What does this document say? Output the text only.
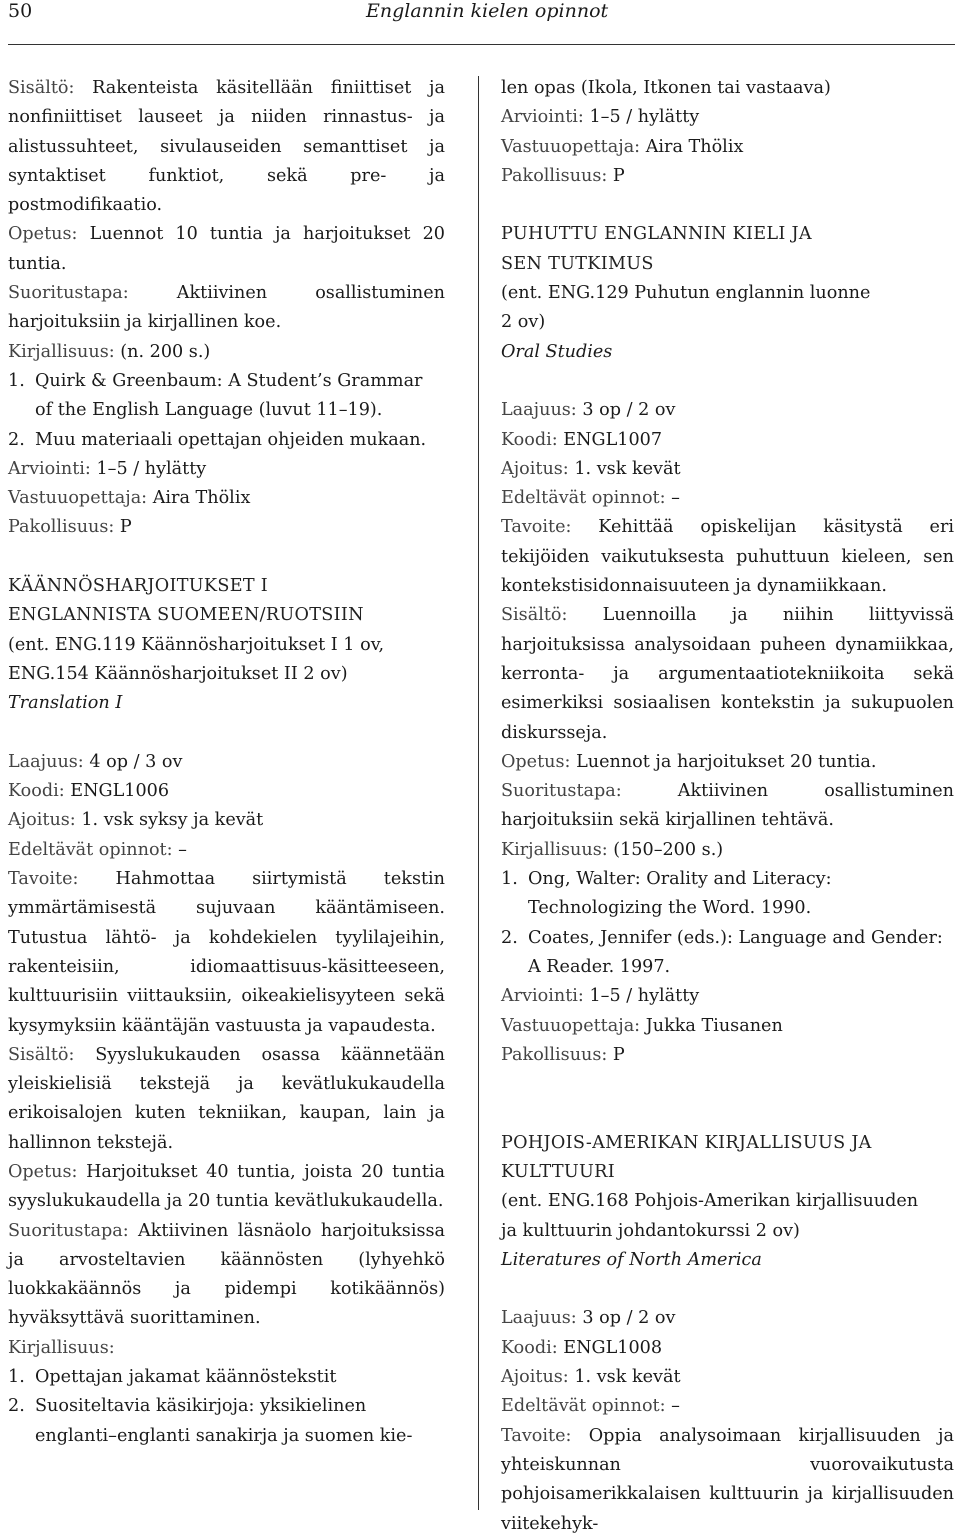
50	Englannin kielen opinnot

Sisältö: Rakenteista käsitellään finiittiset ja nonfiniittiset lauseet ja niiden rinnastus- ja alistussuhteet, sivulauseiden semanttiset ja syntaktiset funktiot, sekä pre- ja postmodifikaatio.

Opetus: Luennot 10 tuntia ja harjoitukset 20 tuntia.

Suoritustapa:	Aktiivinen osallistuminen harjoituksiin ja kirjallinen koe.

Kirjallisuus: (n. 200 s.)

1. Quirk & Greenbaum: A Student’s Grammar of the English Language (luvut 11–19).

2. Muu materiaali opettajan ohjeiden mukaan.

Arviointi: 1–5 / hylätty

Vastuuopettaja: Aira Thölix

Pakollisuus: P

KÄÄNNÖSHARJOITUKSET I

ENGLANNISTA SUOMEEN/RUOTSIIN

(ent. ENG.119 Käännösharjoitukset I 1 ov,

ENG.154 Käännösharjoitukset II 2 ov)

Translation I

Laajuus: 4 op / 3 ov

Koodi: ENGL1006

Ajoitus: 1. vsk syksy ja kevät

Edeltävät opinnot: –

Tavoite: Hahmottaa siirtymistä tekstin ymmärtämisestä sujuvaan kääntämiseen. Tutustua lähtö- ja kohdekielen tyylilajeihin, rakenteisiin, idiomaattisuus-käsitteeseen, kulttuurisiin viittauksiin, oikeakielisyyteen sekä kysymyksiin kääntäjän vastuusta ja vapaudesta.

Sisältö: Syyslukukauden osassa käännetään yleiskielisiä tekstejä ja kevätlukukaudella erikoisalojen kuten tekniikan, kaupan, lain ja hallinnon tekstejä.

Opetus: Harjoitukset 40 tuntia, joista 20 tuntia syyslukukaudella ja 20 tuntia kevätlukukaudella.

Suoritustapa: Aktiivinen läsnäolo harjoituksissa ja arvosteltavien käännösten (lyhyehkö luokkakäännös ja pidempi kotikäännös) hyväksyttävä suorittaminen.

Kirjallisuus:

1. Opettajan jakamat käännöstekstit

2. Suositeltavia käsikirjoja: yksikielinen englanti–englanti sanakirja ja suomen kie-

len opas (Ikola, Itkonen tai vastaava)

Arviointi: 1–5 / hylätty

Vastuuopettaja: Aira Thölix

Pakollisuus: P

PUHUTTU ENGLANNIN KIELI JA

SEN TUTKIMUS

(ent. ENG.129 Puhutun englannin luonne

2 ov)

Oral Studies

Laajuus: 3 op / 2 ov

Koodi: ENGL1007

Ajoitus: 1. vsk kevät

Edeltävät opinnot: –

Tavoite: Kehittää opiskelijan käsitystä eri tekijöiden vaikutuksesta puhuttuun kieleen, sen kontekstisidonnaisuuteen ja dynamiikkaan.

Sisältö: Luennoilla ja niihin liittyvissä harjoituksissa analysoidaan puheen dynamiikkaa, kerronta- ja argumentaatiotekniikoita sekä esimerkiksi sosiaalisen kontekstin ja sukupuolen diskursseja.

Opetus: Luennot ja harjoitukset 20 tuntia.

Suoritustapa:	Aktiivinen osallistuminen harjoituksiin sekä kirjallinen tehtävä.

Kirjallisuus: (150–200 s.)

1. Ong, Walter: Orality and Literacy: Technologizing the Word. 1990.

2. Coates, Jennifer (eds.): Language and Gender: A Reader. 1997.

Arviointi: 1–5 / hylätty

Vastuuopettaja: Jukka Tiusanen

Pakollisuus: P

POHJOIS-AMERIKAN KIRJALLISUUS JA

KULTTUURI

(ent. ENG.168 Pohjois-Amerikan kirjallisuuden

ja kulttuurin johdantokurssi 2 ov)

Literatures of North America

Laajuus: 3 op / 2 ov

Koodi: ENGL1008

Ajoitus: 1. vsk kevät

Edeltävät opinnot: –

Tavoite: Oppia analysoimaan kirjallisuuden ja yhteiskunnan vuorovaikutusta pohjoisamerikkalaisen kulttuurin ja kirjallisuuden viitekehyk-
